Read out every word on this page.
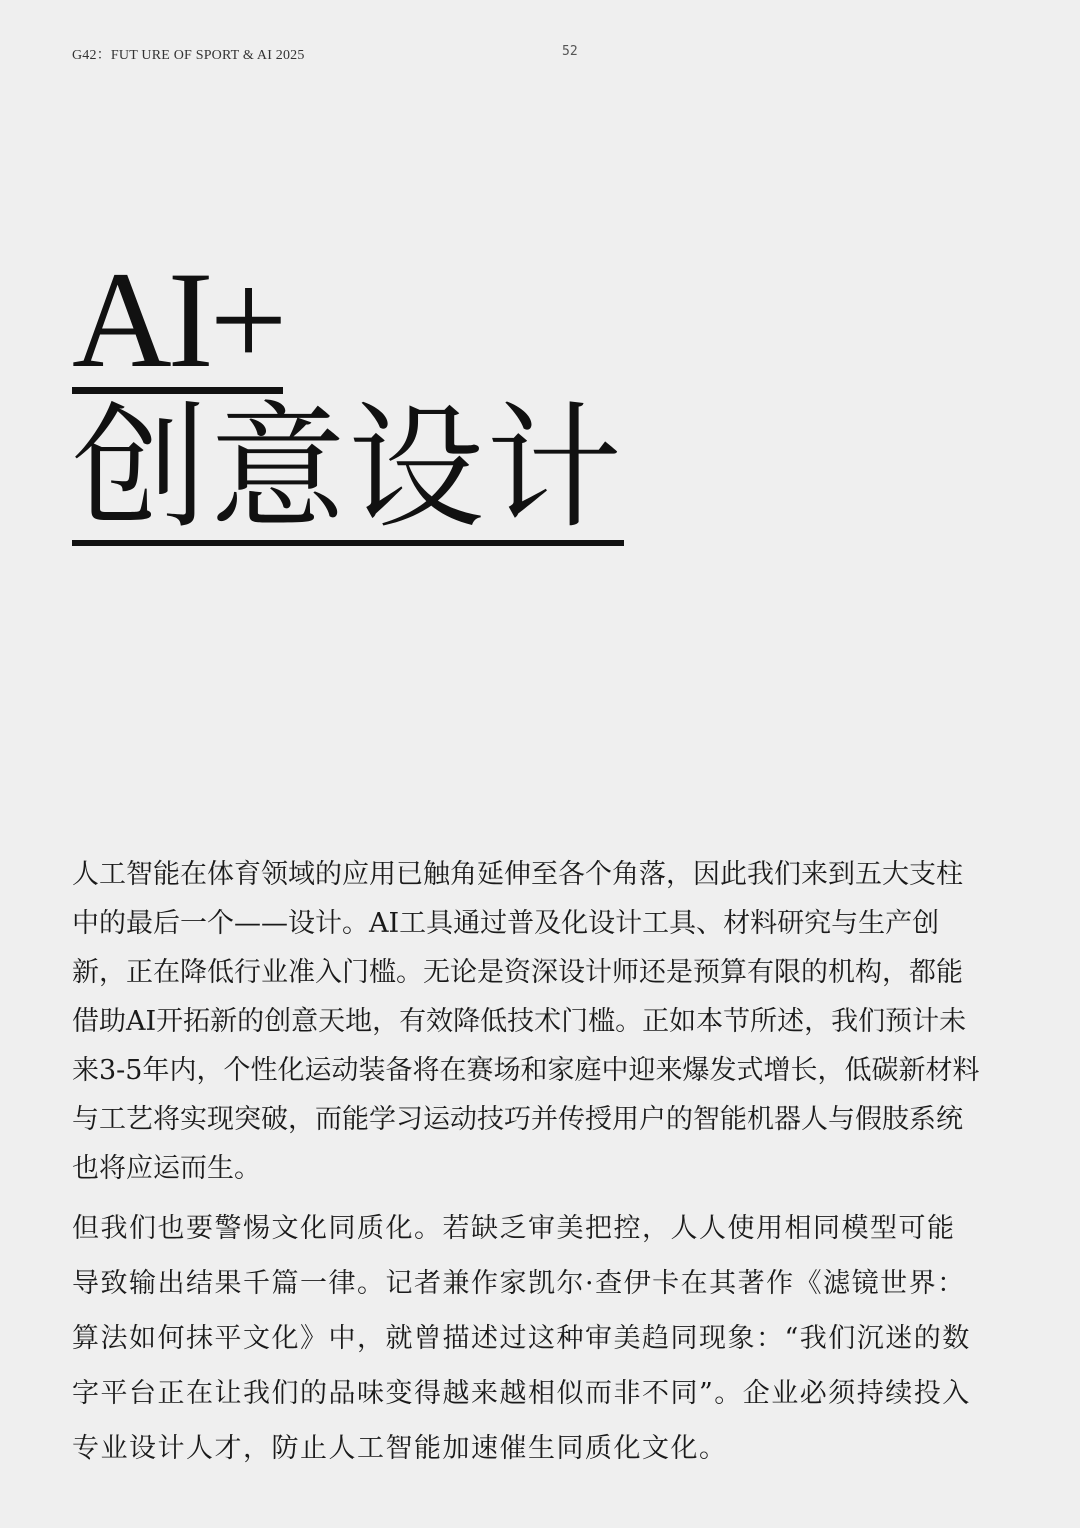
G42：FUT URE OF SPORT & AI 2025	52
AI+
创意设计

人工智能在体育领域的应用已触角延伸至各个角落，因此我们来到五大支柱中的最后一个——设计。AI工具通过普及化设计工具、材料研究与生产创新，正在降低行业准入门槛。无论是资深设计师还是预算有限的机构，都能借助AI开拓新的创意天地，有效降低技术门槛。正如本节所述，我们预计未来3-5年内，个性化运动装备将在赛场和家庭中迎来爆发式增长，低碳新材料与工艺将实现突破，而能学习运动技巧并传授用户的智能机器人与假肢系统也将应运而生。

但我们也要警惕文化同质化。若缺乏审美把控，人人使用相同模型可能导致输出结果千篇一律。记者兼作家凯尔·查伊卡在其著作《滤镜世界：算法如何抹平文化》中，就曾描述过这种审美趋同现象：“我们沉迷的数字平台正在让我们的品味变得越来越相似而非不同”。企业必须持续投入专业设计人才，防止人工智能加速催生同质化文化。
